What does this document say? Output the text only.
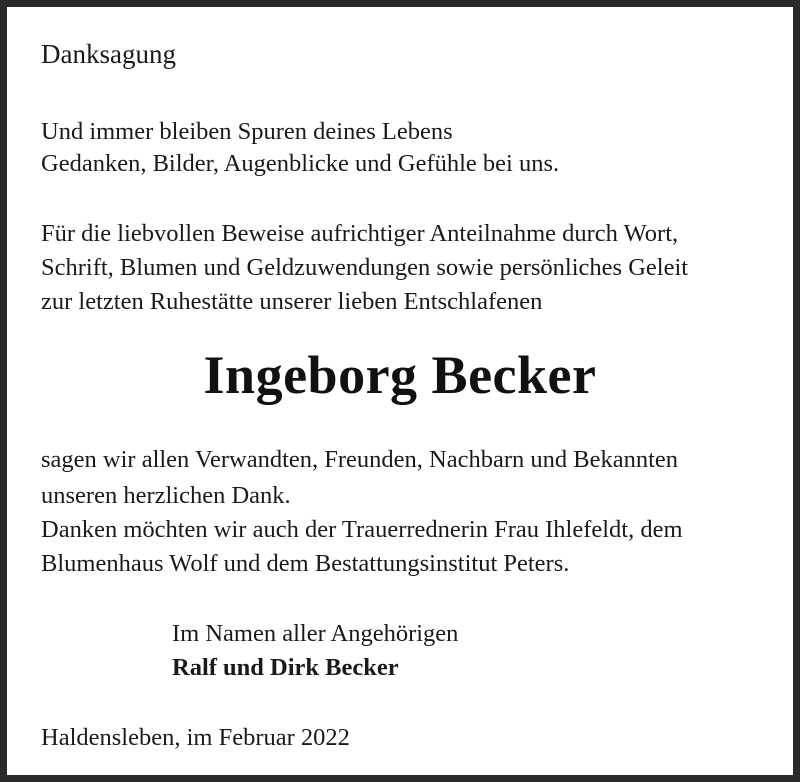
Danksagung
Und immer bleiben Spuren deines Lebens
Gedanken, Bilder, Augenblicke und Gefühle bei uns.
Für die liebvollen Beweise aufrichtiger Anteilnahme durch Wort,
Schrift, Blumen und Geldzuwendungen sowie persönliches Geleit
zur letzten Ruhestätte unserer lieben Entschlafenen
Ingeborg Becker
sagen wir allen Verwandten, Freunden, Nachbarn und Bekannten
unseren herzlichen Dank.
Danken möchten wir auch der Trauerrednerin Frau Ihlefeldt, dem
Blumenhaus Wolf und dem Bestattungsinstitut Peters.
Im Namen aller Angehörigen
Ralf und Dirk Becker
Haldensleben, im Februar 2022
